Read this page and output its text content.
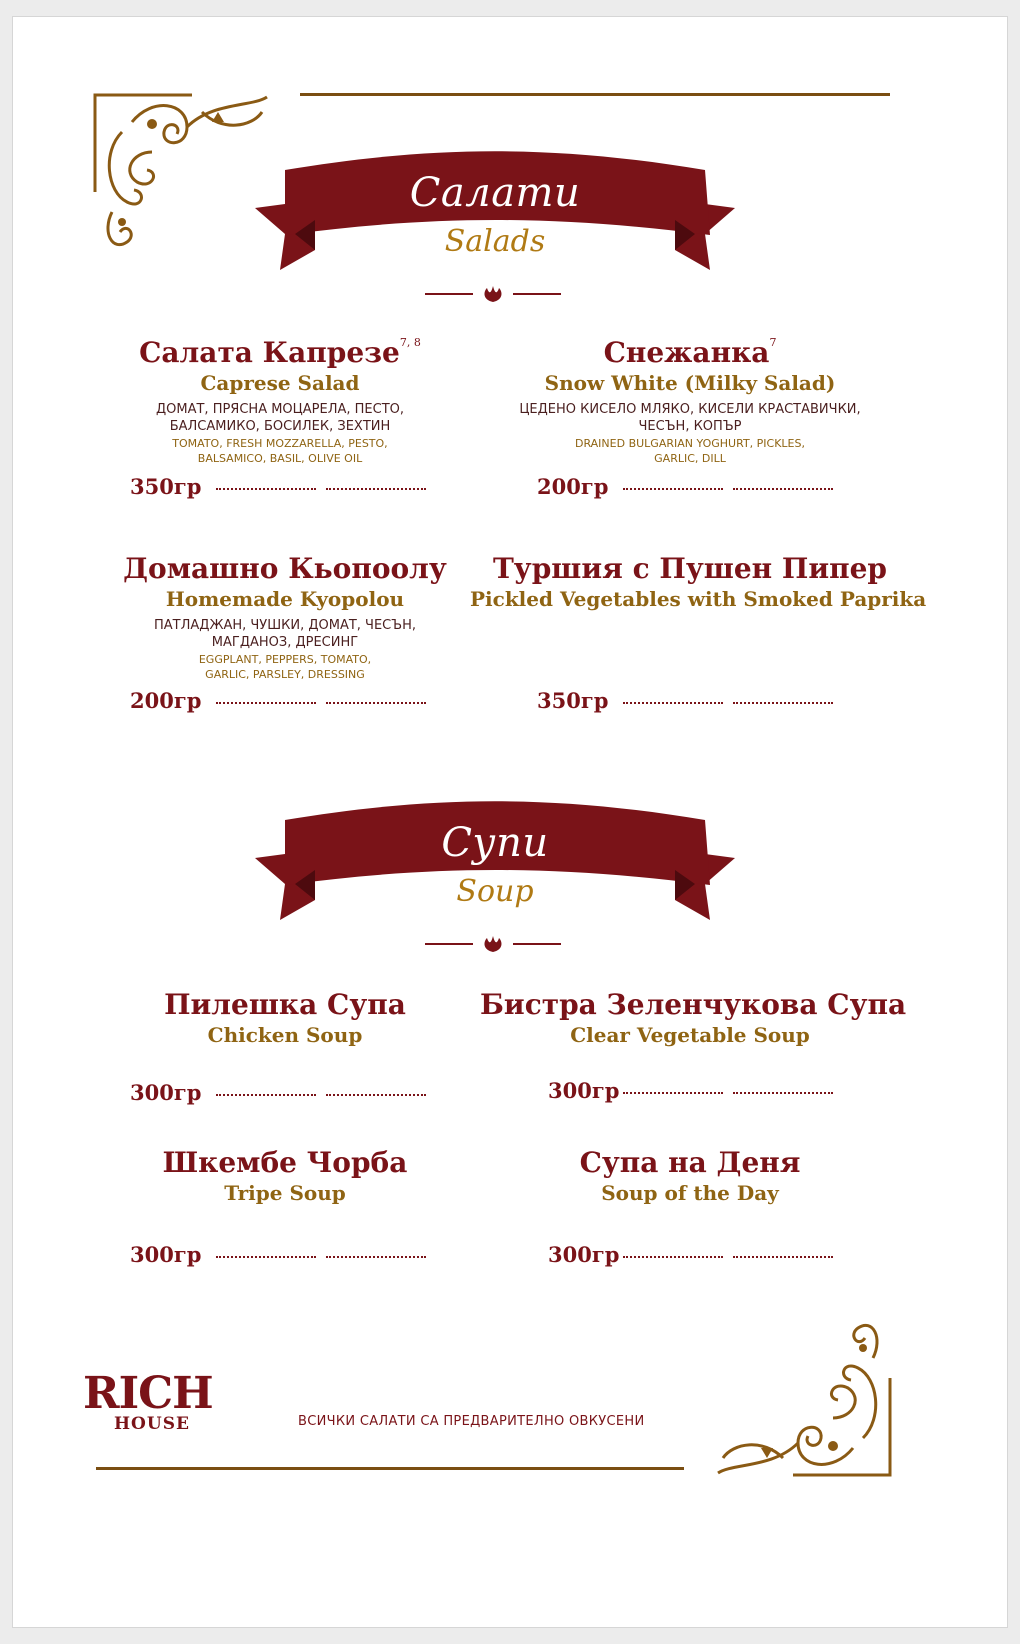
Салати
Salads
Салата Капрезе$^{7, 8}$
Caprese Salad
ДОМАТ, ПРЯСНА МОЦАРЕЛА, ПЕСТО,
БАЛСАМИКО, БОСИЛЕК, ЗЕХТИН
TOMATO, FRESH MOZZARELLA, PESTO,
BALSAMICO, BASIL, OLIVE OIL
350гр
Снежанка$^7$
Snow White (Milky Salad)
ЦЕДЕНО КИСЕЛО МЛЯКО, КИСЕЛИ КРАСТАВИЧКИ,
ЧЕСЪН, КОПЪР
DRAINED BULGARIAN YOGHURT, PICKLES,
GARLIC, DILL
200гр
Домашно Кьопоолу
Homemade Kyopolou
ПАТЛАДЖАН, ЧУШКИ, ДОМАТ, ЧЕСЪН,
МАГДАНОЗ, ДРЕСИНГ
EGGPLANT, PEPPERS, TOMATO,
GARLIC, PARSLEY, DRESSING
200гр
Туршия с Пушен Пипер
Pickled Vegetables with Smoked Paprika
350гр
Супи
Soup
Пилешка Супа
Chicken Soup
300гр
Бистра Зеленчукова Супа
Clear Vegetable Soup
300гр
Шкембе Чорба
Tripe Soup
300гр
Супа на Деня
Soup of the Day
300гр
RICH
HOUSE	ВСИЧКИ САЛАТИ СА ПРЕДВАРИТЕЛНО ОВКУСЕНИ
